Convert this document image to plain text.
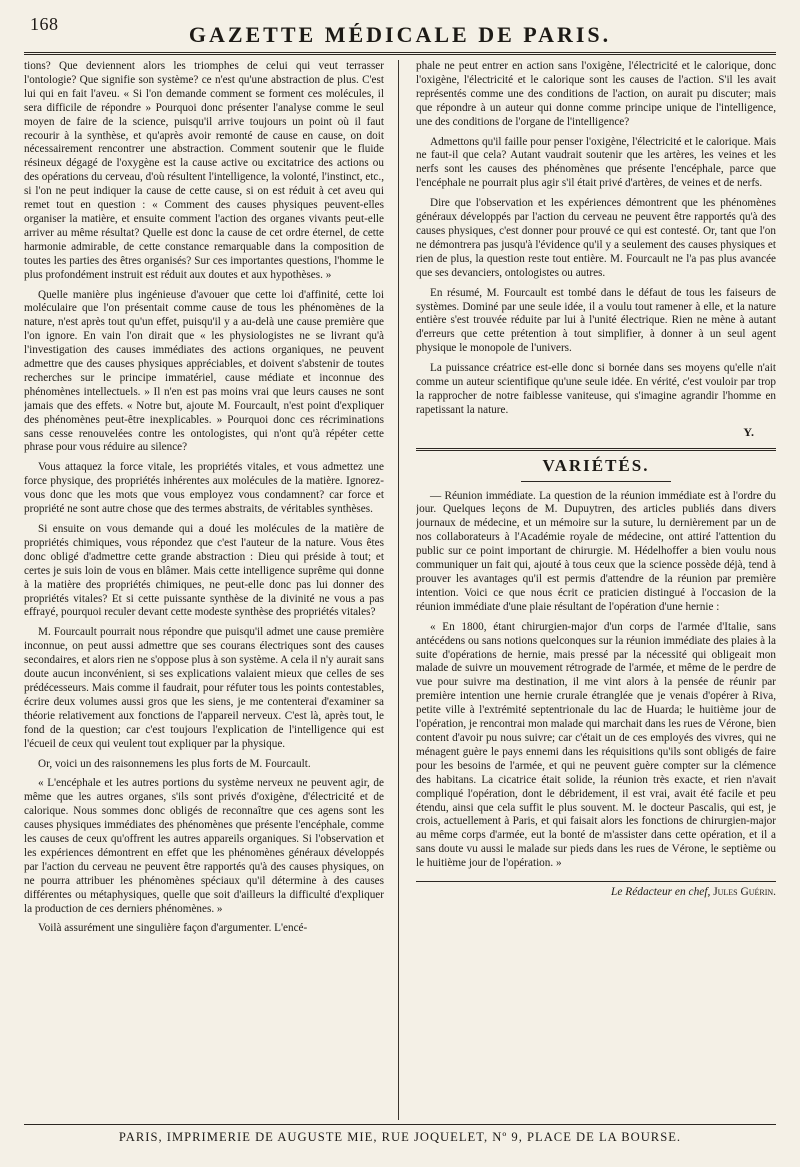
168	GAZETTE MÉDICALE DE PARIS.

tions? Que deviennent alors les triomphes de celui qui veut terrasser l'ontologie? Que signifie son système? ce n'est qu'une abstraction de plus. C'est lui qui en fait l'aveu. « Si l'on demande comment se forment ces molécules, il sera difficile de répondre » Pourquoi donc présenter l'analyse comme le seul moyen de faire de la science, puisqu'il arrive toujours un point où il faut recourir à la synthèse, et qu'après avoir remonté de cause en cause, on doit nécessairement rencontrer une abstraction. Comment soutenir que le fluide résineux dégagé de l'oxygène est la cause active ou excitatrice des actions ou des opérations du cerveau, d'où résultent l'intelligence, la volonté, l'instinct, etc., si l'on ne peut indiquer la cause de cette cause, si on est réduit à cet aveu qui remet tout en question : « Comment des causes physiques peuvent-elles organiser la matière, et ensuite comment l'action des organes vivants peut-elle arriver au même résultat? Quelle est donc la cause de cet ordre éternel, de cette harmonie admirable, de cette constance remarquable dans la composition de toutes les parties des êtres organisés? Sur ces importantes questions, l'homme le plus profondément instruit est réduit aux doutes et aux hypothèses. »

Quelle manière plus ingénieuse d'avouer que cette loi d'affinité, cette loi moléculaire que l'on présentait comme cause de tous les phénomènes de la nature, n'est après tout qu'un effet, puisqu'il y a au-delà une cause première que l'on ignore. En vain l'on dirait que « les physiologistes ne se livrant qu'à l'investigation des causes immédiates des actions organiques, ne peuvent admettre que des causes physiques appréciables, et doivent s'abstenir de toutes recherches sur le principe immatériel, cause médiate et inconnue des phénomènes intellectuels. » Il n'en est pas moins vrai que leurs causes ne sont jamais que des effets. « Notre but, ajoute M. Fourcault, n'est point d'expliquer des phénomènes peut-être inexplicables. » Pourquoi donc ces récriminations sans cesse renouvelées contre les ontologistes, qui n'ont qu'à répéter cette phrase pour vous réduire au silence?

Vous attaquez la force vitale, les propriétés vitales, et vous admettez une force physique, des propriétés inhérentes aux molécules de la matière. Ignorez-vous donc que les mots que vous employez vous condamnent? car force et propriété ne sont autre chose que des termes abstraits, de véritables synthèses.

Si ensuite on vous demande qui a doué les molécules de la matière de propriétés chimiques, vous répondez que c'est l'auteur de la nature. Vous êtes donc obligé d'admettre cette grande abstraction : Dieu qui préside à tout; et certes je suis loin de vous en blâmer. Mais cette intelligence suprême qui donne à la matière des propriétés chimiques, ne peut-elle donc pas lui donner des propriétés vitales? Et si cette puissante synthèse de la divinité ne vous a pas effrayé, pourquoi reculer devant cette modeste synthèse des propriétés vitales?

M. Fourcault pourrait nous répondre que puisqu'il admet une cause première inconnue, on peut aussi admettre que ses courans électriques sont des causes secondaires, et alors rien ne s'oppose plus à son système. A cela il n'y aurait sans doute aucun inconvénient, si ses explications valaient mieux que celles de ses prédécesseurs. Mais comme il faudrait, pour réfuter tous les points contestables, écrire deux volumes aussi gros que les siens, je me contenterai d'examiner sa théorie relativement aux fonctions de l'appareil nerveux. C'est là, après tout, le fond de la question; car c'est toujours l'explication de l'intelligence qui est l'écueil de ceux qui veulent tout expliquer par la physique.

Or, voici un des raisonnemens les plus forts de M. Fourcault.

« L'encéphale et les autres portions du système nerveux ne peuvent agir, de même que les autres organes, s'ils sont privés d'oxigène, d'électricité et de calorique. Nous sommes donc obligés de reconnaître que ces agens sont les causes physiques immédiates des phénomènes que présente l'encéphale, comme les causes de ceux qu'offrent les autres appareils organiques. Si l'observation et les expériences démontrent en effet que les phénomènes généraux développés par l'action du cerveau ne peuvent être rapportés qu'à des causes physiques, on ne pourra attribuer les phénomènes spéciaux qu'il détermine à des causes différentes ou métaphysiques, quelle que soit d'ailleurs la difficulté d'expliquer la production de ces derniers phénomènes. »

Voilà assurément une singulière façon d'argumenter. L'encé-

phale ne peut entrer en action sans l'oxigène, l'électricité et le calorique, donc l'oxigène, l'électricité et le calorique sont les causes de l'action. S'il les avait représentés comme une des conditions de l'action, on aurait pu discuter; mais que répondre à un auteur qui donne comme principe unique de l'intelligence, une des conditions de l'organe de l'intelligence?

Admettons qu'il faille pour penser l'oxigène, l'électricité et le calorique. Mais ne faut-il que cela? Autant vaudrait soutenir que les artères, les veines et les nerfs sont les causes des phénomènes que présente l'encéphale, parce que l'encéphale ne pourrait plus agir s'il était privé d'artères, de veines et de nerfs.

Dire que l'observation et les expériences démontrent que les phénomènes généraux développés par l'action du cerveau ne peuvent être rapportés qu'à des causes physiques, c'est donner pour prouvé ce qui est contesté. Or, tant que l'on ne démontrera pas jusqu'à l'évidence qu'il y a seulement des causes physiques et rien de plus, la question reste tout entière. M. Fourcault ne l'a pas plus avancée que ses devanciers, ontologistes ou autres.

En résumé, M. Fourcault est tombé dans le défaut de tous les faiseurs de systèmes. Dominé par une seule idée, il a voulu tout ramener à elle, et la nature entière s'est trouvée réduite par lui à l'unité électrique. Rien ne mène à autant d'erreurs que cette prétention à tout simplifier, à donner à un seul agent physique le monopole de l'univers.

La puissance créatrice est-elle donc si bornée dans ses moyens qu'elle n'ait comme un auteur scientifique qu'une seule idée. En vérité, c'est vouloir par trop la rapprocher de notre faiblesse vaniteuse, qui s'imagine agrandir l'homme en rapetissant la nature.

Y.
VARIÉTÉS.

— Réunion immédiate. La question de la réunion immédiate est à l'ordre du jour. Quelques leçons de M. Dupuytren, des articles publiés dans divers journaux de médecine, et un mémoire sur la suture, lu dernièrement par un de nos collaborateurs à l'Académie royale de médecine, ont attiré l'attention du public sur ce point important de chirurgie. M. Hédelhoffer a bien voulu nous communiquer un fait qui, ajouté à tous ceux que la science possède déjà, tend à prouver les avantages qu'il est permis d'attendre de la réunion par première intention. Voici ce que nous écrit ce praticien distingué à l'occasion de la réunion immédiate d'une plaie résultant de l'opération d'une hernie :

« En 1800, étant chirurgien-major d'un corps de l'armée d'Italie, sans antécédens ou sans notions quelconques sur la réunion immédiate des plaies à la suite d'opérations de hernie, mais pressé par la nécessité qui obligeait mon malade de suivre un mouvement rétrograde de l'armée, et même de le perdre de vue pour suivre ma destination, il me vint alors à la pensée de réunir par première intention une hernie crurale étranglée que je venais d'opérer à Riva, petite ville à l'extrémité septentrionale du lac de Huarda; le huitième jour de l'opération, je rencontrai mon malade qui marchait dans les rues de Vérone, bien content d'avoir pu nous suivre; car c'était un de ces employés des vivres, qui ne ménagent guère le pays ennemi dans les réquisitions qu'ils sont obligés de faire pour les besoins de l'armée, et qui ne peuvent guère compter sur la clémence des habitans. La cicatrice était solide, la réunion très exacte, et rien n'avait compliqué l'opération, dont le débridement, il est vrai, avait été facile et peu étendu, ainsi que cela suffit le plus souvent. M. le docteur Pascalis, qui est, je crois, actuellement à Paris, et qui faisait alors les fonctions de chirurgien-major au même corps d'armée, eut la bonté de m'assister dans cette opération, et il a sans doute vu aussi le malade sur pieds dans les rues de Vérone, le septième ou le huitième jour de l'opération. »

Le Rédacteur en chef, Jules Guérin.
PARIS, IMPRIMERIE DE AUGUSTE MIE, RUE JOQUELET, Nº 9, PLACE DE LA BOURSE.
